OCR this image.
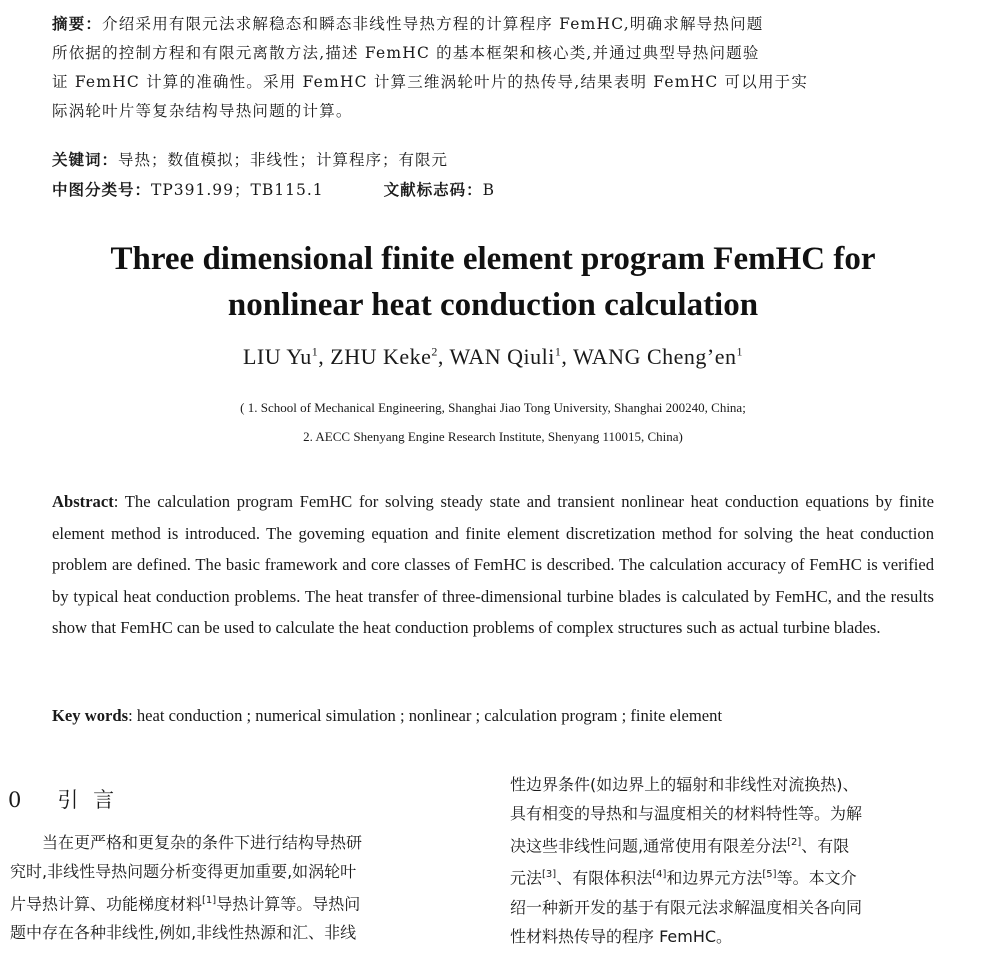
摘要：介绍采用有限元法求解稳态和瞬态非线性导热方程的计算程序 FemHC,明确求解导热问题
所依据的控制方程和有限元离散方法,描述 FemHC 的基本框架和核心类,并通过典型导热问题验
证 FemHC 计算的准确性。采用 FemHC 计算三维涡轮叶片的热传导,结果表明 FemHC 可以用于实
际涡轮叶片等复杂结构导热问题的计算。
关键词：导热；数值模拟；非线性；计算程序；有限元
中图分类号：TP391.99；TB115.1	文献标志码：B
Three dimensional finite element program FemHC for
nonlinear heat conduction calculation
LIU Yu$^1$, ZHU Keke$^2$, WAN Qiuli$^1$, WANG $Cheng’en^1$
( 1. School of Mechanical Engineering, Shanghai Jiao Tong University, Shanghai 200240, China;
2. AECC Shenyang Engine Research Institute, Shenyang 110015, China)
Abstract: The calculation program FemHC for solving steady state and transient nonlinear heat conduction equations by finite element method is introduced. The goveming equation and finite element discretization method for solving the heat conduction problem are defined. The basic framework and core classes of FemHC is described. The calculation accuracy of FemHC is verified by typical heat conduction problems. The heat transfer of three-dimensional turbine blades is calculated by FemHC, and the results show that FemHC can be used to calculate the heat conduction problems of complex structures such as actual turbine blades.
Key words: heat conduction ; numerical simulation ; nonlinear ; calculation program ; finite element
0 引 言
当在更严格和更复杂的条件下进行结构导热研
究时,非线性导热问题分析变得更加重要,如涡轮叶
片导热计算、功能梯度材料[1]导热计算等。导热问
题中存在各种非线性,例如,非线性热源和汇、非线
性边界条件(如边界上的辐射和非线性对流换热)、
具有相变的导热和与温度相关的材料特性等。为解
决这些非线性问题,通常使用有限差分法[2]、有限
元法[3]、有限体积法[4]和边界元方法[5]等。本文介
绍一种新开发的基于有限元法求解温度相关各向同
性材料热传导的程序 FemHC。
